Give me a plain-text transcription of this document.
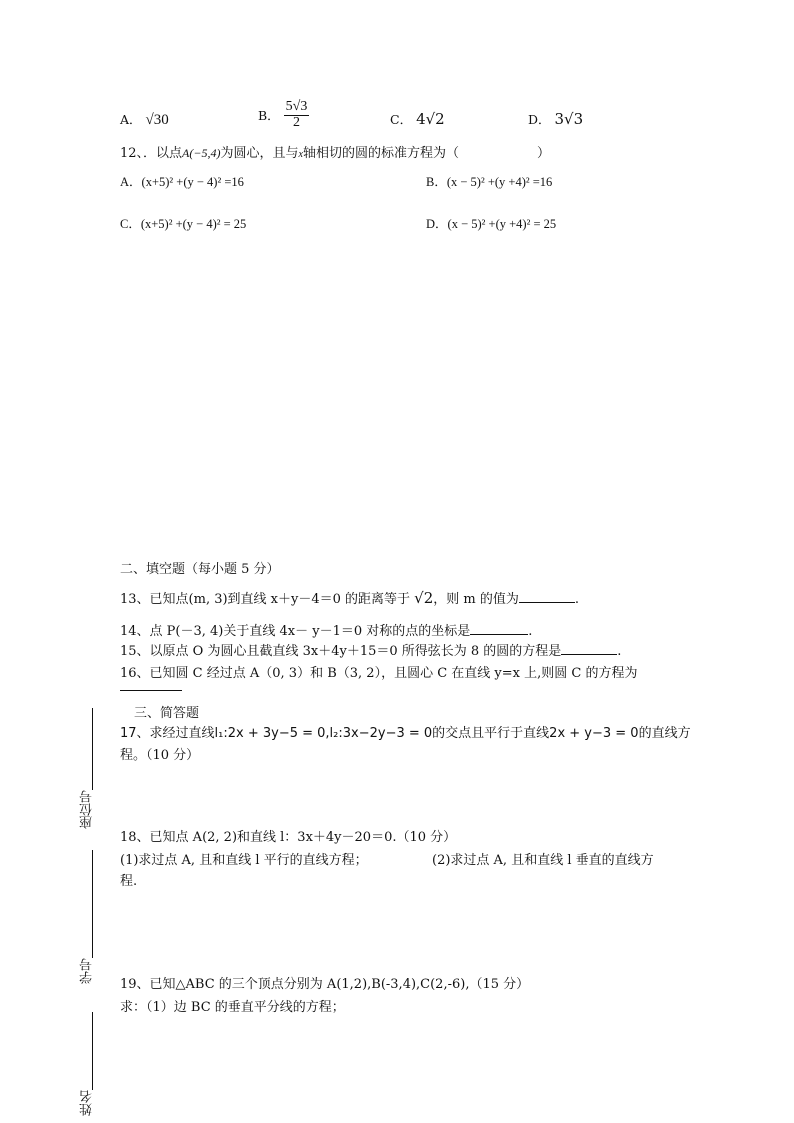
A． √30	B． $\frac{5√3}{2}$	C． 4√2	D． 3√3
12、．以点A(−5,4)为圆心，且与x轴相切的圆的标准方程为（　　　　　　）
A．(x+5)² +(y − 4)² =16	B．(x − 5)² +(y +4)² =16
C．(x+5)² +(y − 4)² = 25	D．(x − 5)² +(y +4)² = 25
二、填空题（每小题 5 分）
13、已知点(m, 3)到直线 x＋y－4＝0 的距离等于 √2，则 m 的值为	.
14、点 P(－3, 4)关于直线 4x－ y－1＝0 对称的点的坐标是	.
15、以原点 O 为圆心且截直线 3x＋4y＋15＝0 所得弦长为 8 的圆的方程是	.
16、已知圆 C 经过点 A（0, 3）和 B（3, 2），且圆心 C 在直线 y=x 上,则圆 C 的方程为
三、简答题
17、求经过直线l₁:2x + 3y−5 = 0,l₂:3x−2y−3 = 0的交点且平行于直线2x + y−3 = 0的直线方
程。（10 分）
18、已知点 A(2, 2)和直线 l：3x＋4y－20＝0.（10 分）
(1)求过点 A, 且和直线 l 平行的直线方程；	(2)求过点 A, 且和直线 l 垂直的直线方
程.
19、已知△ABC 的三个顶点分别为 A(1,2),B(-3,4),C(2,-6),（15 分）
求：（1）边 BC 的垂直平分线的方程；
座位号
学号
姓名
